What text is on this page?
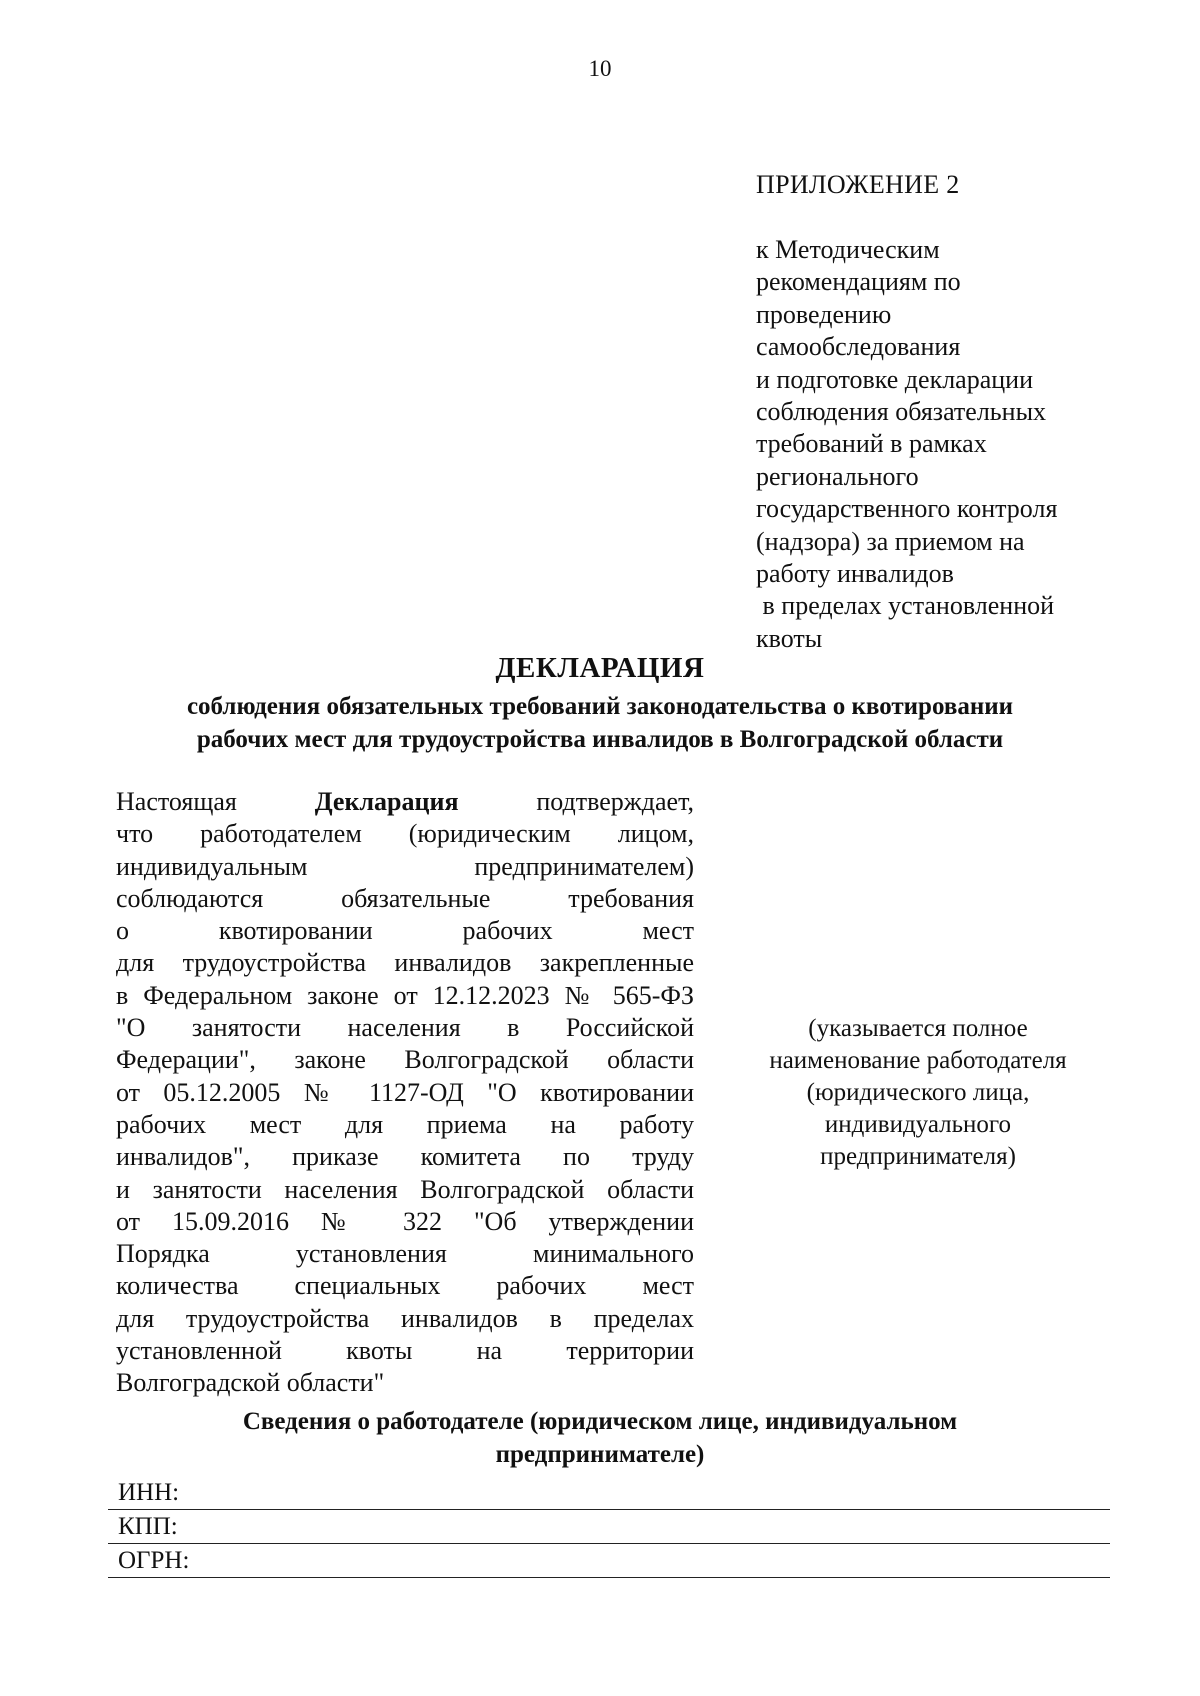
10
ПРИЛОЖЕНИЕ 2
к Методическим
рекомендациям по
проведению
самообследования
и подготовке декларации
соблюдения обязательных
требований в рамках
регионального
государственного контроля
(надзора) за приемом на
работу инвалидов
в пределах установленной
квоты
ДЕКЛАРАЦИЯ
соблюдения обязательных требований законодательства о квотировании
рабочих мест для трудоустройства инвалидов в Волгоградской области
Настоящая	Декларация	подтверждает,
что работодателем (юридическим лицом,
индивидуальным предпринимателем)
соблюдаются обязательные требования
о квотировании рабочих мест
для трудоустройства инвалидов закрепленные
в Федеральном законе от 12.12.2023 № 565-ФЗ
"О занятости населения в Российской
Федерации", законе Волгоградской области
от 05.12.2005 № 1127-ОД "О квотировании
рабочих мест для приема на работу
инвалидов", приказе комитета по труду
и занятости населения Волгоградской области
от 15.09.2016 № 322 "Об утверждении
Порядка установления минимального
количества специальных рабочих мест
для трудоустройства инвалидов в пределах
установленной квоты на территории
Волгоградской области"
(указывается полное
наименование работодателя
(юридического лица,
индивидуального
предпринимателя)
Сведения о работодателе (юридическом лице, индивидуальном
предпринимателе)
ИНН:
КПП:
ОГРН:
